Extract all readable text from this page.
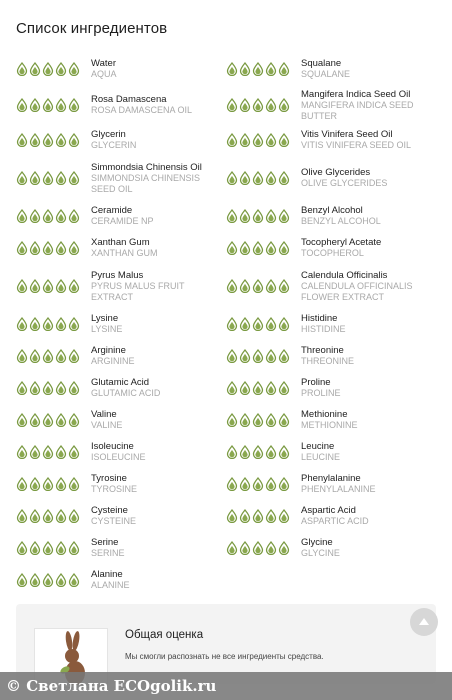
Список ингредиентов
Water
AQUA
Rosa Damascena
ROSA DAMASCENA OIL
Glycerin
GLYCERIN
Simmondsia Chinensis Oil
SIMMONDSIA CHINENSIS SEED OIL
Ceramide
CERAMIDE NP
Xanthan Gum
XANTHAN GUM
Pyrus Malus
PYRUS MALUS FRUIT EXTRACT
Lysine
LYSINE
Arginine
ARGININE
Glutamic Acid
GLUTAMIC ACID
Valine
VALINE
Isoleucine
ISOLEUCINE
Tyrosine
TYROSINE
Cysteine
CYSTEINE
Serine
SERINE
Alanine
ALANINE
Squalane
SQUALANE
Mangifera Indica Seed Oil
MANGIFERA INDICA SEED BUTTER
Vitis Vinifera Seed Oil
VITIS VINIFERA SEED OIL
Olive Glycerides
OLIVE GLYCERIDES
Benzyl Alcohol
BENZYL ALCOHOL
Tocopheryl Acetate
TOCOPHEROL
Calendula Officinalis
CALENDULA OFFICINALIS FLOWER EXTRACT
Histidine
HISTIDINE
Threonine
THREONINE
Proline
PROLINE
Methionine
METHIONINE
Leucine
LEUCINE
Phenylalanine
PHENYLALANINE
Aspartic Acid
ASPARTIC ACID
Glycine
GLYCINE
Общая оценка
Мы смогли распознать не все ингредиенты средства.
© Светлана ECOgolik.ru
